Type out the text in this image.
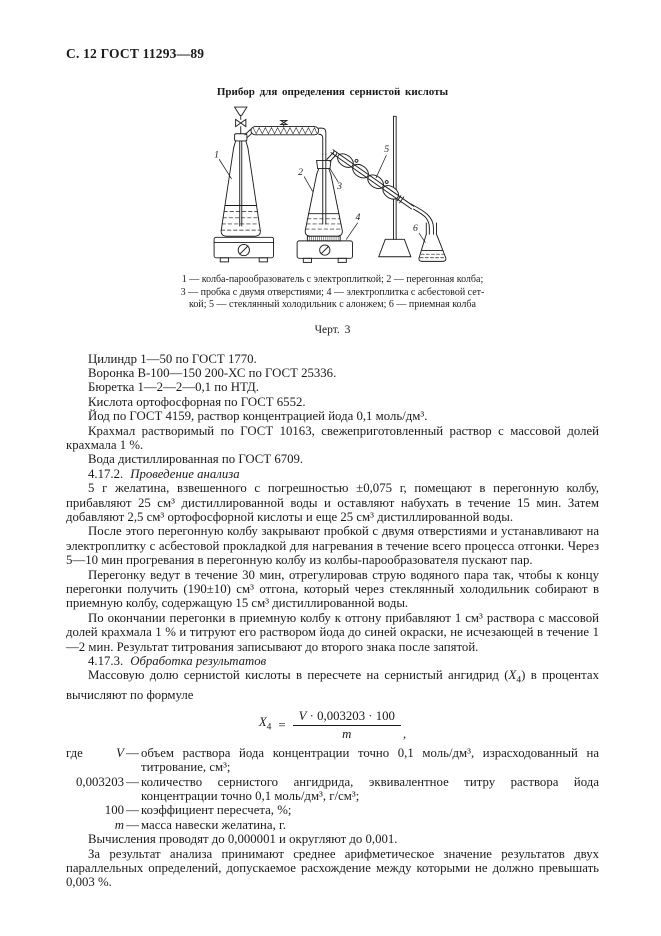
С. 12 ГОСТ 11293—89
Прибор для определения сернистой кислоты
1
2
3
4
5
6
1 — колба-парообразователь с электроплиткой; 2 — перегонная колба;
3 — пробка с двумя отверстиями; 4 — электроплитка с асбестовой сет-
кой; 5 — стеклянный холодильник с алонжем; 6 — приемная колба
Черт. 3

Цилиндр 1—50 по ГОСТ 1770.

Воронка В-100—150 200-ХС по ГОСТ 25336.

Бюретка 1—2—2—0,1 по НТД.

Кислота ортофосфорная по ГОСТ 6552.

Йод по ГОСТ 4159, раствор концентрацией йода 0,1 моль/дм³.

Крахмал растворимый по ГОСТ 10163, свежеприготовленный раствор с массовой долей крахмала 1 %.

Вода дистиллированная по ГОСТ 6709.

4.17.2. Проведение анализа

5 г желатина, взвешенного с погрешностью ±0,075 г, помещают в перегонную колбу, прибавляют 25 см³ дистиллированной воды и оставляют набухать в течение 15 мин. Затем добавляют 2,5 см³ ортофосфорной кислоты и еще 25 см³ дистиллированной воды.

После этого перегонную колбу закрывают пробкой с двумя отверстиями и устанавливают на электроплитку с асбестовой прокладкой для нагревания в течение всего процесса отгонки. Через 5—10 мин прогревания в перегонную колбу из колбы-парообразователя пускают пар.

Перегонку ведут в течение 30 мин, отрегулировав струю водяного пара так, чтобы к концу перегонки получить (190±10) см³ отгона, который через стеклянный холодильник собирают в приемную колбу, содержащую 15 см³ дистиллированной воды.

По окончании перегонки в приемную колбу к отгону прибавляют 1 см³ раствора с массовой долей крахмала 1 % и титруют его раствором йода до синей окраски, не исчезающей в течение 1—2 мин. Результат титрования записывают до второго знака после запятой.

4.17.3. Обработка результатов

Массовую долю сернистой кислоты в пересчете на сернистый ангидрид $(X_4)$ в процентах вычисляют по формуле

$X_4 = \frac{V \cdot 0,003203 \cdot 100}{m}$ ,
где	V — объем раствора йода концентрации точно 0,1 моль/дм³, израсходованный на титрование, см³;
0,003203 — количество сернистого ангидрида, эквивалентное титру раствора йода концентрации точно 0,1 моль/дм³, г/см³;
100 — коэффициент пересчета, %;
m — масса навески желатина, г.

Вычисления проводят до 0,000001 и округляют до 0,001.

За результат анализа принимают среднее арифметическое значение результатов двух параллельных определений, допускаемое расхождение между которыми не должно превышать 0,003 %.
